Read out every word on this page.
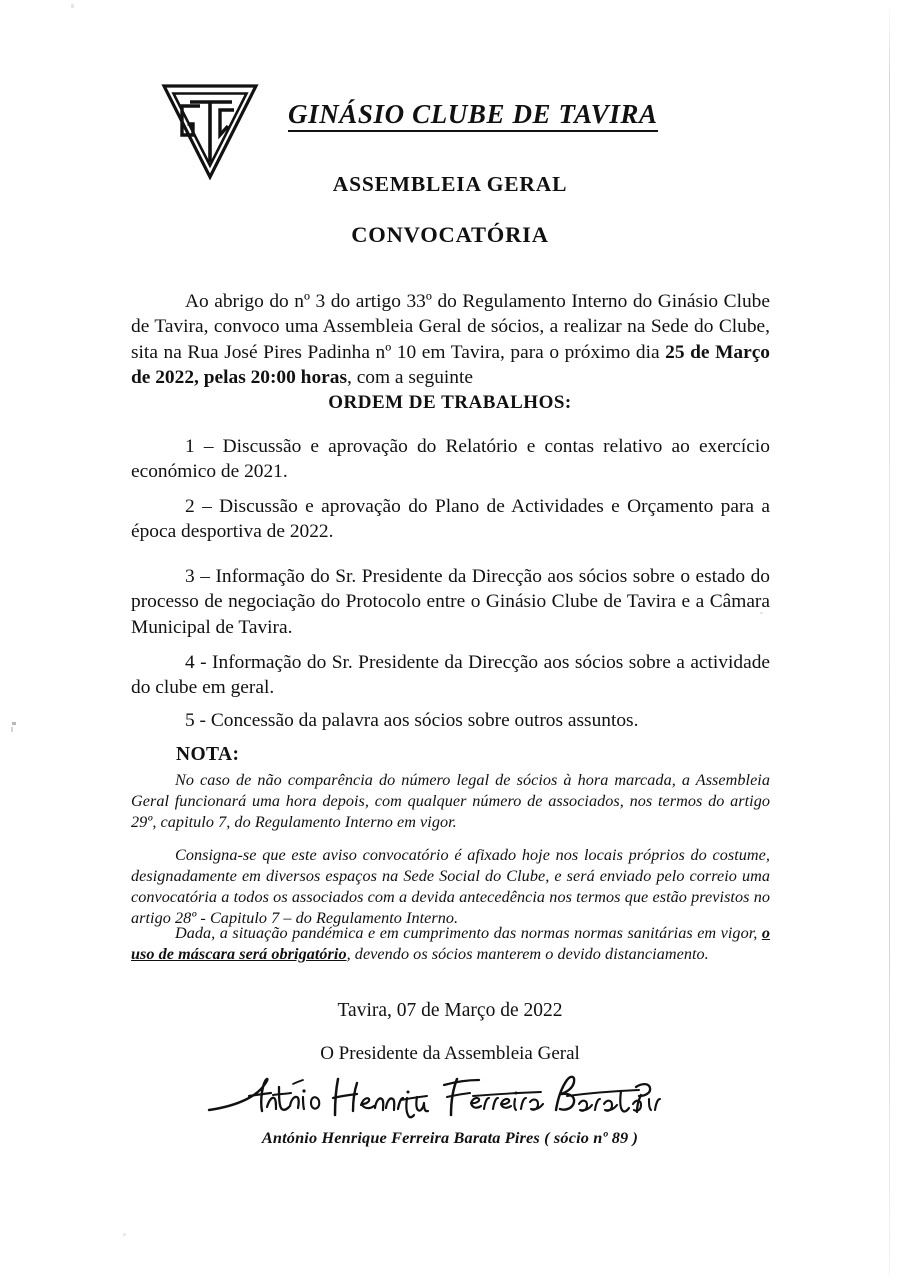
GINÁSIO CLUBE DE TAVIRA
ASSEMBLEIA GERAL
CONVOCATÓRIA

Ao abrigo do nº 3 do artigo 33º do Regulamento Interno do Ginásio Clube de Tavira, convoco uma Assembleia Geral de sócios, a realizar na Sede do Clube, sita na Rua José Pires Padinha nº 10 em Tavira, para o próximo dia 25 de Março de 2022, pelas 20:00 horas, com a seguinte

ORDEM DE TRABALHOS:

1 – Discussão e aprovação do Relatório e contas relativo ao exercício económico de 2021.

2 – Discussão e aprovação do Plano de Actividades e Orçamento para a época desportiva de 2022.

3 – Informação do Sr. Presidente da Direcção aos sócios sobre o estado do processo de negociação do Protocolo entre o Ginásio Clube de Tavira e a Câmara Municipal de Tavira.

4 - Informação do Sr. Presidente da Direcção aos sócios sobre a actividade do clube em geral.

5 - Concessão da palavra aos sócios sobre outros assuntos.

NOTA:

No caso de não comparência do número legal de sócios à hora marcada, a Assembleia Geral funcionará uma hora depois, com qualquer número de associados, nos termos do artigo 29º, capitulo 7, do Regulamento Interno em vigor.

Consigna-se que este aviso convocatório é afixado hoje nos locais próprios do costume, designadamente em diversos espaços na Sede Social do Clube, e será enviado pelo correio uma convocatória a todos os associados com a devida antecedência nos termos que estão previstos no artigo 28º - Capitulo 7 – do Regulamento Interno.

Dada, a situação pandémica e em cumprimento das normas normas sanitárias em vigor, o uso de máscara será obrigatório, devendo os sócios manterem o devido distanciamento.

Tavira, 07 de Março de 2022
O Presidente da Assembleia Geral
António Henrique Ferreira Barata Pires ( sócio nº 89 )
